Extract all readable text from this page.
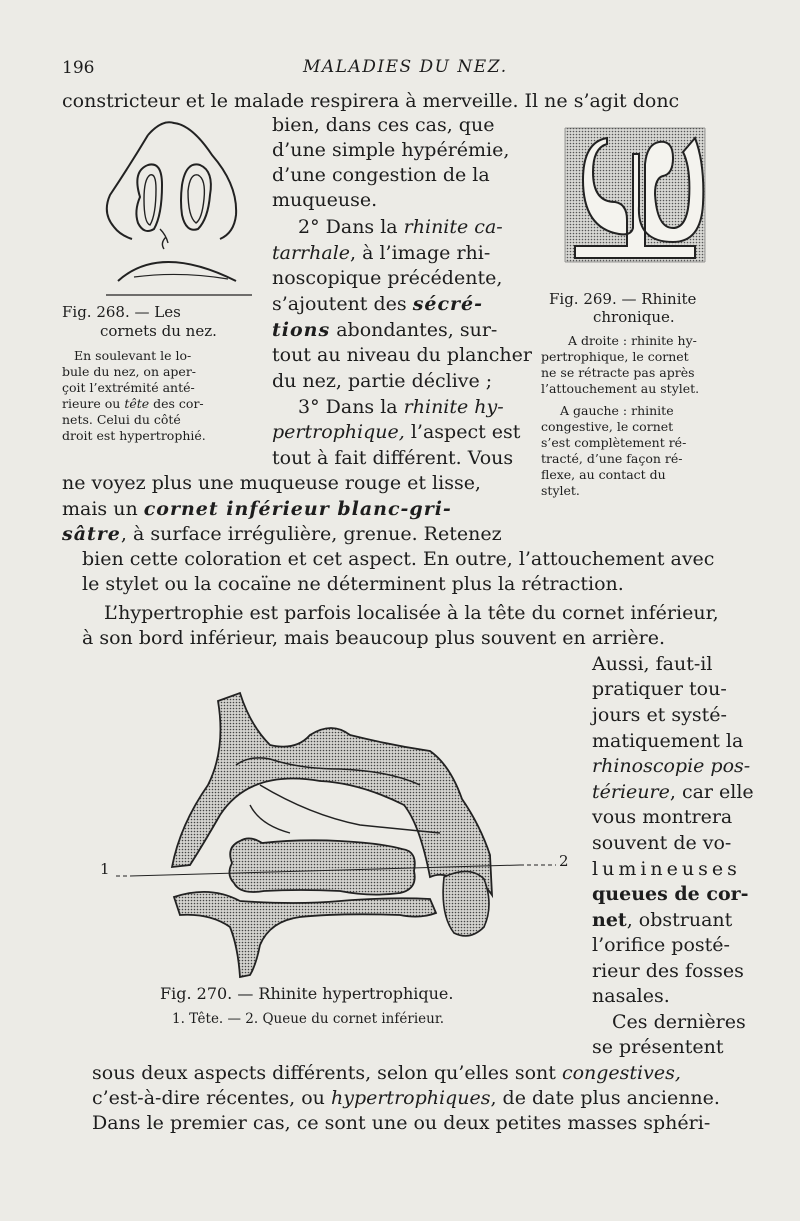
196	MALADIES DU NEZ.
constricteur et le malade respirera à merveille. Il ne s’agit donc
bien, dans ces cas, que
d’une simple hypérémie,
d’une congestion de la
muqueuse.
2° Dans la rhinite ca-
tarrhale, à l’image rhi-
noscopique précédente,
s’ajoutent des sécré-
tions abondantes, sur-
tout au niveau du plancher
du nez, partie déclive ;
3° Dans la rhinite hy-
pertrophique, l’aspect est
tout à fait différent. Vous
ne voyez plus une muqueuse rouge et lisse,
mais un cornet inférieur blanc-gri-
sâtre, à surface irrégulière, grenue. Retenez
bien cette coloration et cet aspect. En outre, l’attouchement avec
le stylet ou la cocaïne ne déterminent plus la rétraction.
L’hypertrophie est parfois localisée à la tête du cornet inférieur,
à son bord inférieur, mais beaucoup plus souvent en arrière.
Aussi, faut-il
pratiquer tou-
jours et systé-
matiquement la
rhinoscopie pos-
térieure, car elle
vous montrera
souvent de vo-
lumineuses
queues de cor-
net, obstruant
l’orifice posté-
rieur des fosses
nasales.
Ces dernières
se présentent
sous deux aspects différents, selon qu’elles sont congestives,
c’est-à-dire récentes, ou hypertrophiques, de date plus ancienne.
Dans le premier cas, ce sont une ou deux petites masses sphéri-
Fig. 268. — Les
cornets du nez.
En soulevant le lo-
bule du nez, on aper-
çoit l’extrémité anté-
rieure ou tête des cor-
nets. Celui du côté
droit est hypertrophié.
Fig. 269. — Rhinite
chronique.
A droite : rhinite hy-
pertrophique, le cornet
ne se rétracte pas après
l’attouchement au stylet.
A gauche : rhinite
congestive, le cornet
s’est complètement ré-
tracté, d’une façon ré-
flexe, au contact du
stylet.
1	2
Fig. 270. — Rhinite hypertrophique.
1. Tête. — 2. Queue du cornet inférieur.
